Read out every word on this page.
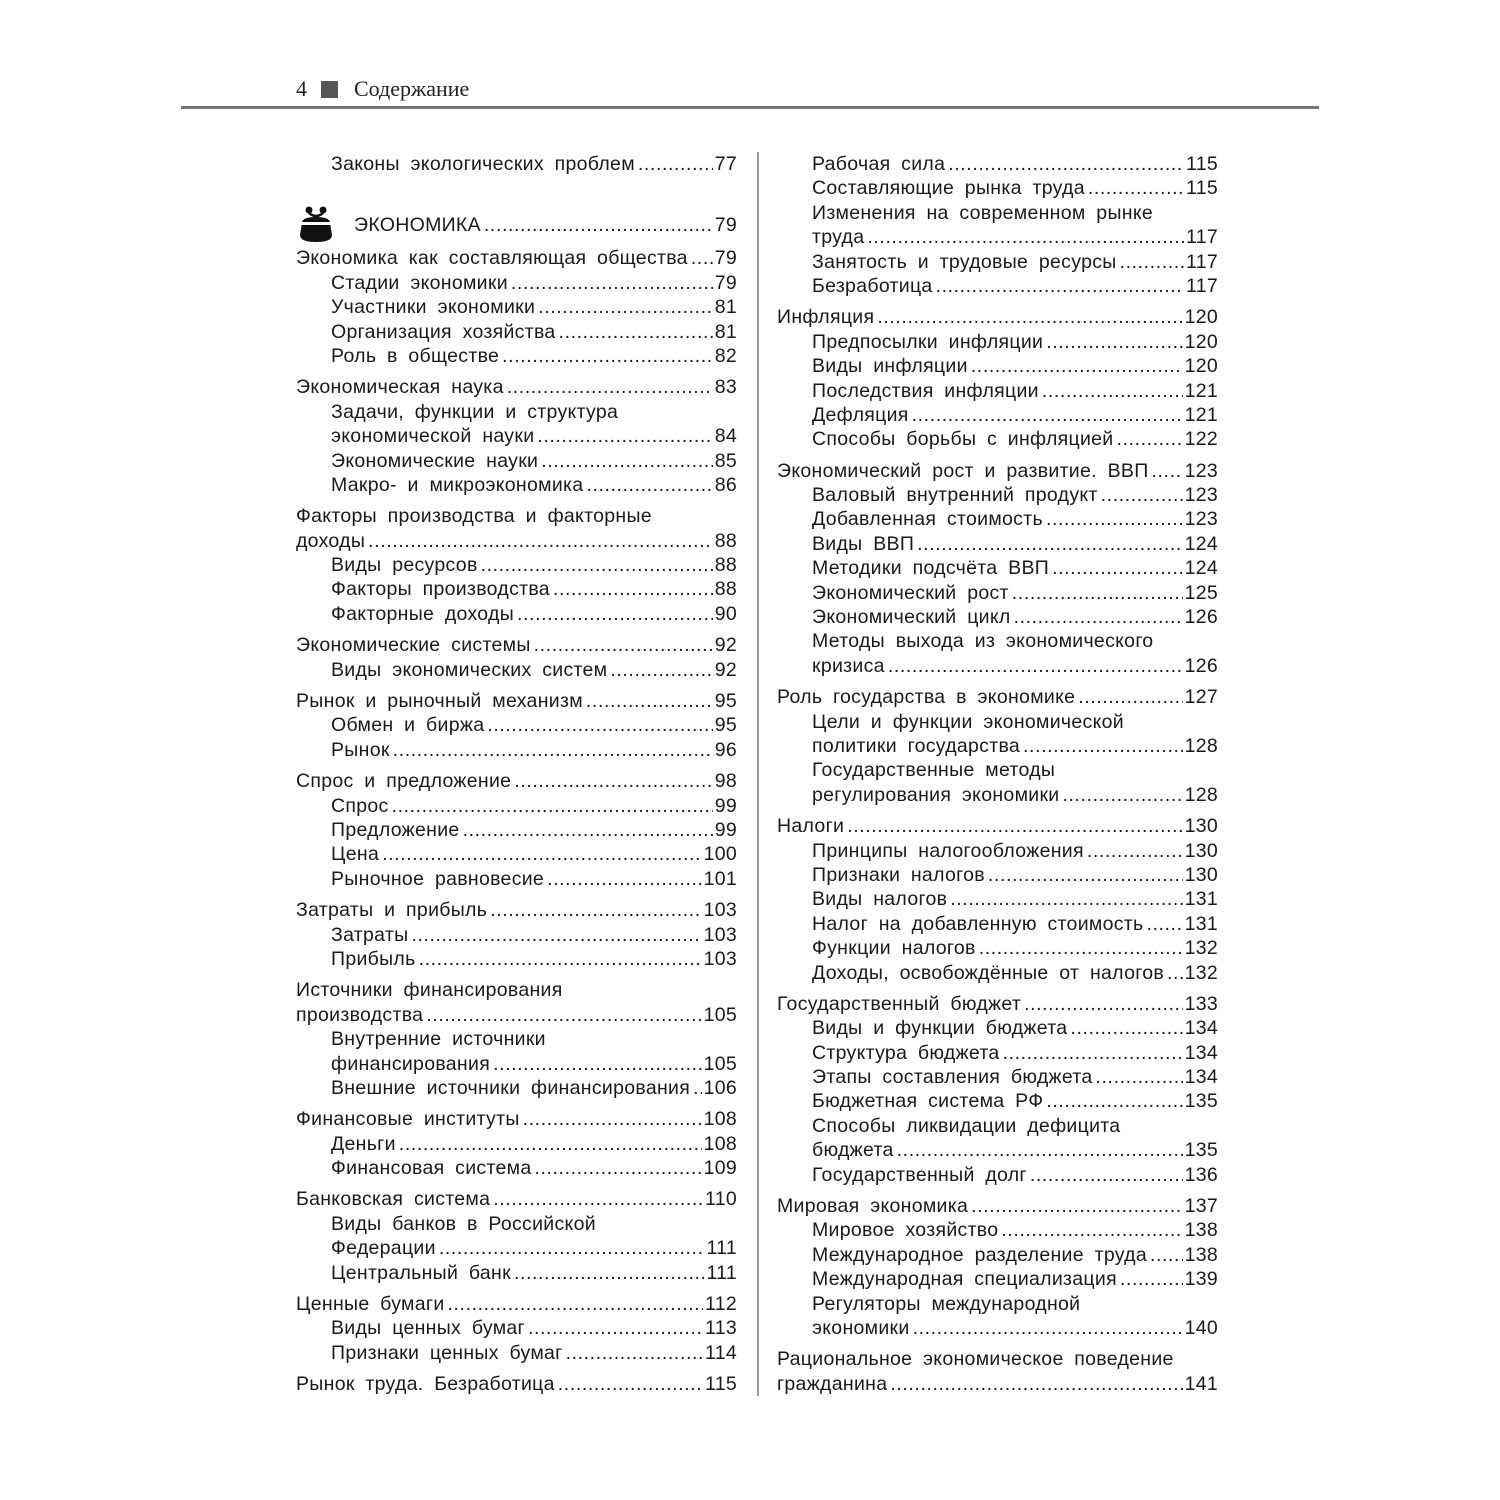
4 Содержание
Законы экологических проблем .....	77
Экономика как составляющая общества ..... 79
Стадии экономики .....	79
Участники экономики .....	81
Организация хозяйства .....	81
Роль в обществе .....	82
Экономическая наука .....	83
Задачи, функции и структура
экономической науки .....	84
Экономические науки .....	85
Макро- и микроэкономика .....	86
Факторы производства и факторные
доходы .....	88
Виды ресурсов .....	88
Факторы производства .....	88
Факторные доходы .....	90
Экономические системы .....	92
Виды экономических систем .....	92
Рынок и рыночный механизм .....	95
Обмен и биржа .....	95
Рынок .....	96
Спрос и предложение .....	98
Спрос .....	99
Предложение .....	99
Цена .....	100
Рыночное равновесие .....	101
Затраты и прибыль .....	103
Затраты .....	103
Прибыль .....	103
Источники финансирования
производства .....	105
Внутренние источники
финансирования .....	105
Внешние источники финансирования ..... 106
Финансовые институты .....	108
Деньги .....	108
Финансовая система .....	109
Банковская система .....	110
Виды банков в Российской
Федерации .....	111
Центральный банк .....	111
Ценные бумаги .....	112
Виды ценных бумаг .....	113
Признаки ценных бумаг .....	114
Рынок труда. Безработица .....	115
ЭКОНОМИКА .....	79
Рабочая сила .....	115
Составляющие рынка труда .....	115
Изменения на современном рынке
труда .....	117
Занятость и трудовые ресурсы .....	117
Безработица .....	117
Инфляция .....	120
Предпосылки инфляции .....	120
Виды инфляции .....	120
Последствия инфляции .....	121
Дефляция .....	121
Способы борьбы с инфляцией .....	122
Экономический рост и развитие. ВВП ..... 123
Валовый внутренний продукт .....	123
Добавленная стоимость .....	123
Виды ВВП .....	124
Методики подсчёта ВВП .....	124
Экономический рост .....	125
Экономический цикл .....	126
Методы выхода из экономического
кризиса .....	126
Роль государства в экономике .....	127
Цели и функции экономической
политики государства .....	128
Государственные методы
регулирования экономики .....	128
Налоги .....	130
Принципы налогообложения .....	130
Признаки налогов .....	130
Виды налогов .....	131
Налог на добавленную стоимость ..... 131
Функции налогов .....	132
Доходы, освобождённые от налогов ..... 132
Государственный бюджет .....	133
Виды и функции бюджета .....	134
Структура бюджета .....	134
Этапы составления бюджета .....	134
Бюджетная система РФ .....	135
Способы ликвидации дефицита
бюджета .....	135
Государственный долг .....	136
Мировая экономика .....	137
Мировое хозяйство .....	138
Международное разделение труда ..... 138
Международная специализация .....	139
Регуляторы международной
экономики .....	140
Рациональное экономическое поведение
гражданина .....	141
